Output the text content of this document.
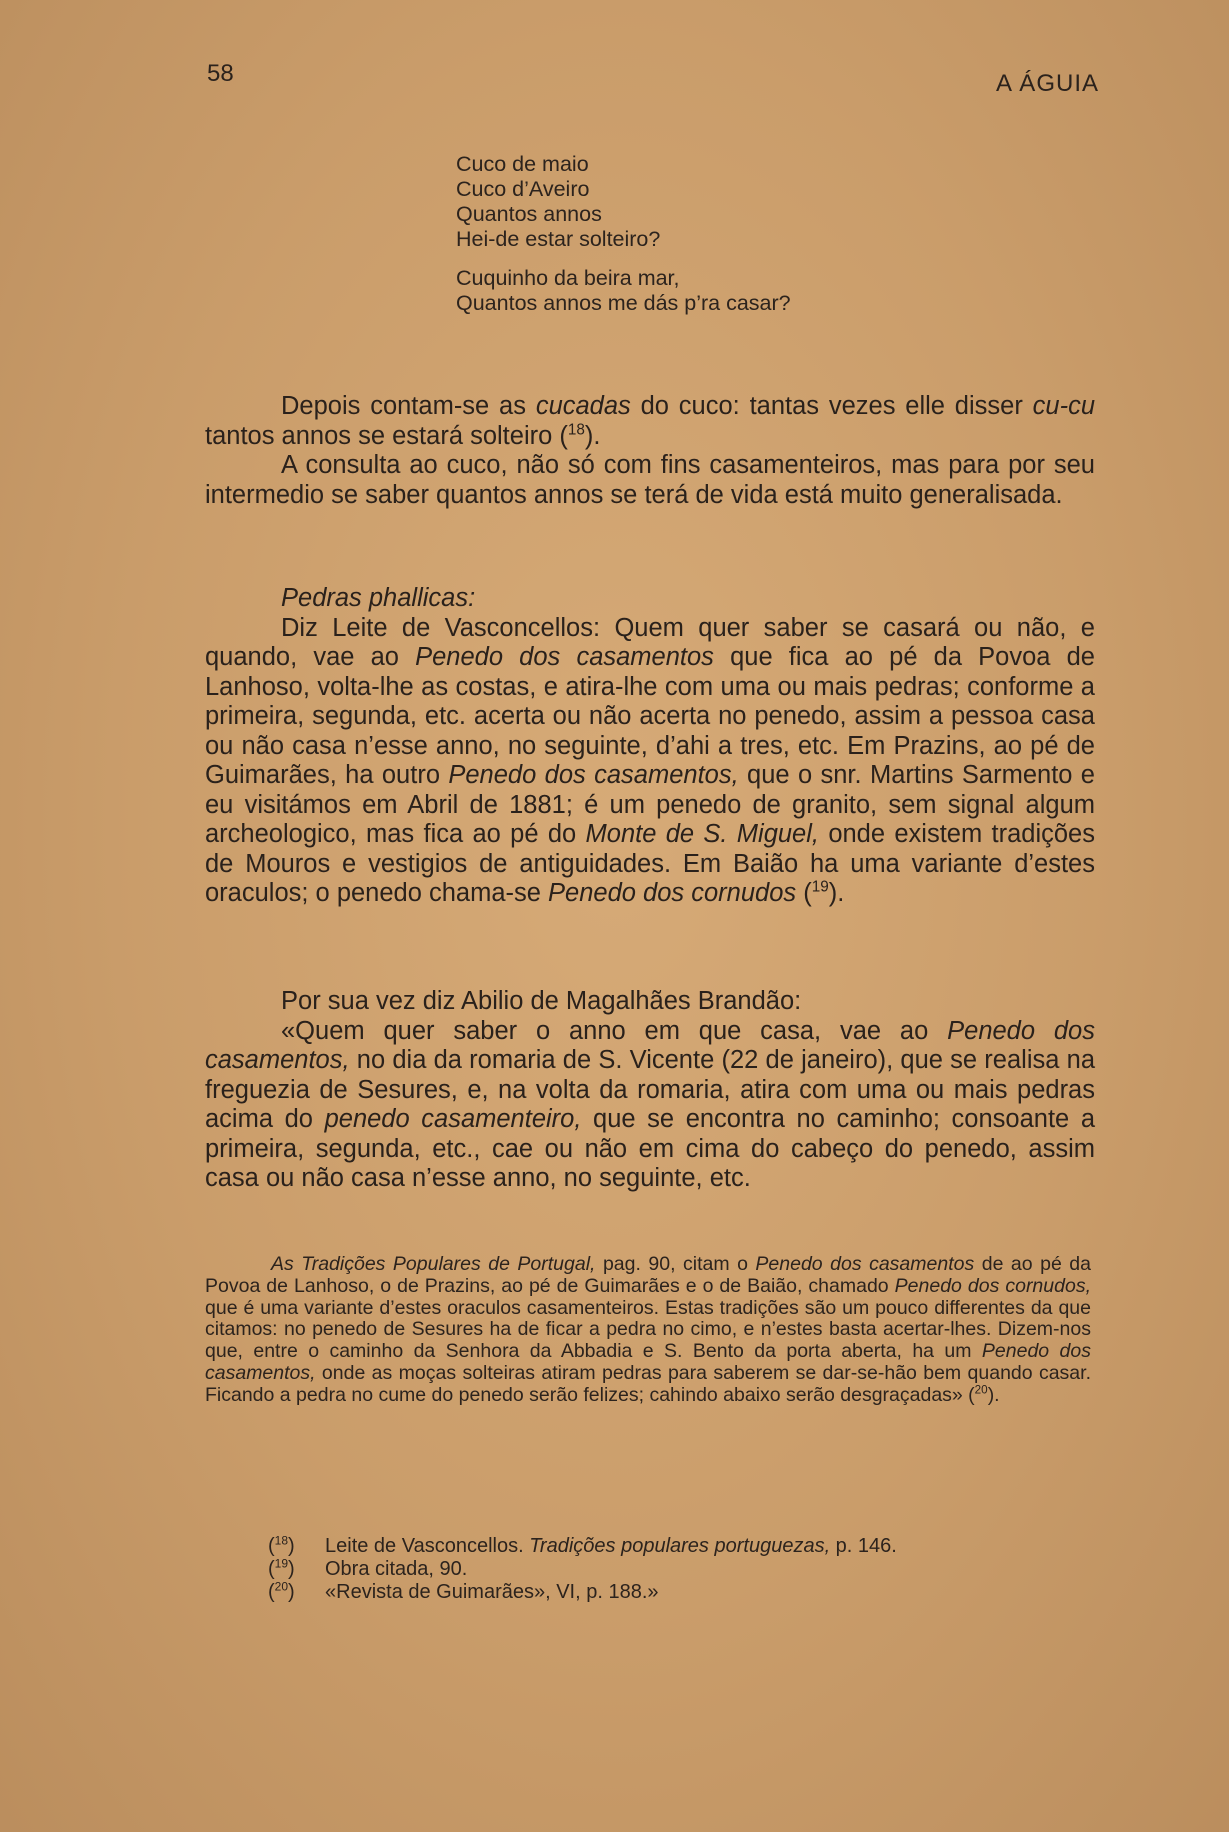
58	A ÁGUIA
Cuco de maio
Cuco d’Aveiro
Quantos annos
Hei-de estar solteiro?
Cuquinho da beira mar,
Quantos annos me dás p’ra casar?

Depois contam-se as cucadas do cuco: tantas vezes elle disser cu-cu tantos annos se estará solteiro ($^{18}$).

A consulta ao cuco, não só com fins casamenteiros, mas para por seu intermedio se saber quantos annos se terá de vida está muito generalisada.

Pedras phallicas:

Diz Leite de Vasconcellos: Quem quer saber se casará ou não, e quando, vae ao Penedo dos casamentos que fica ao pé da Povoa de Lanhoso, volta-lhe as costas, e atira-lhe com uma ou mais pedras; conforme a primeira, segunda, etc. acerta ou não acerta no penedo, assim a pessoa casa ou não casa n’esse anno, no seguinte, d’ahi a tres, etc. Em Prazins, ao pé de Guimarães, ha outro Penedo dos casamentos, que o snr. Martins Sarmento e eu visitámos em Abril de 1881; é um penedo de granito, sem signal algum archeologico, mas fica ao pé do Monte de S. Miguel, onde existem tradições de Mouros e vestigios de antiguidades. Em Baião ha uma variante d’estes oraculos; o penedo chama-se Penedo dos cornudos ($^{19}$).

Por sua vez diz Abilio de Magalhães Brandão:

«Quem quer saber o anno em que casa, vae ao Penedo dos casamentos, no dia da romaria de S. Vicente (22 de janeiro), que se realisa na freguezia de Sesures, e, na volta da romaria, atira com uma ou mais pedras acima do penedo casamenteiro, que se encontra no caminho; consoante a primeira, segunda, etc., cae ou não em cima do cabeço do penedo, assim casa ou não casa n’esse anno, no seguinte, etc.

As Tradições Populares de Portugal, pag. 90, citam o Penedo dos casamentos de ao pé da Povoa de Lanhoso, o de Prazins, ao pé de Guimarães e o de Baião, chamado Penedo dos cornudos, que é uma variante d’estes oraculos casamenteiros. Estas tradições são um pouco differentes da que citamos: no penedo de Sesures ha de ficar a pedra no cimo, e n’estes basta acertar-lhes. Dizem-nos que, entre o caminho da Senhora da Abbadia e S. Bento da porta aberta, ha um Penedo dos casamentos, onde as moças solteiras atiram pedras para saberem se dar-se-hão bem quando casar. Ficando a pedra no cume do penedo serão felizes; cahindo abaixo serão desgraçadas» ($^{20}$).

($^{18}$)	Leite de Vasconcellos. Tradições populares portuguezas, p. 146.
($^{19}$)	Obra citada, 90.
($^{20}$)	«Revista de Guimarães», VI, p. 188.»
